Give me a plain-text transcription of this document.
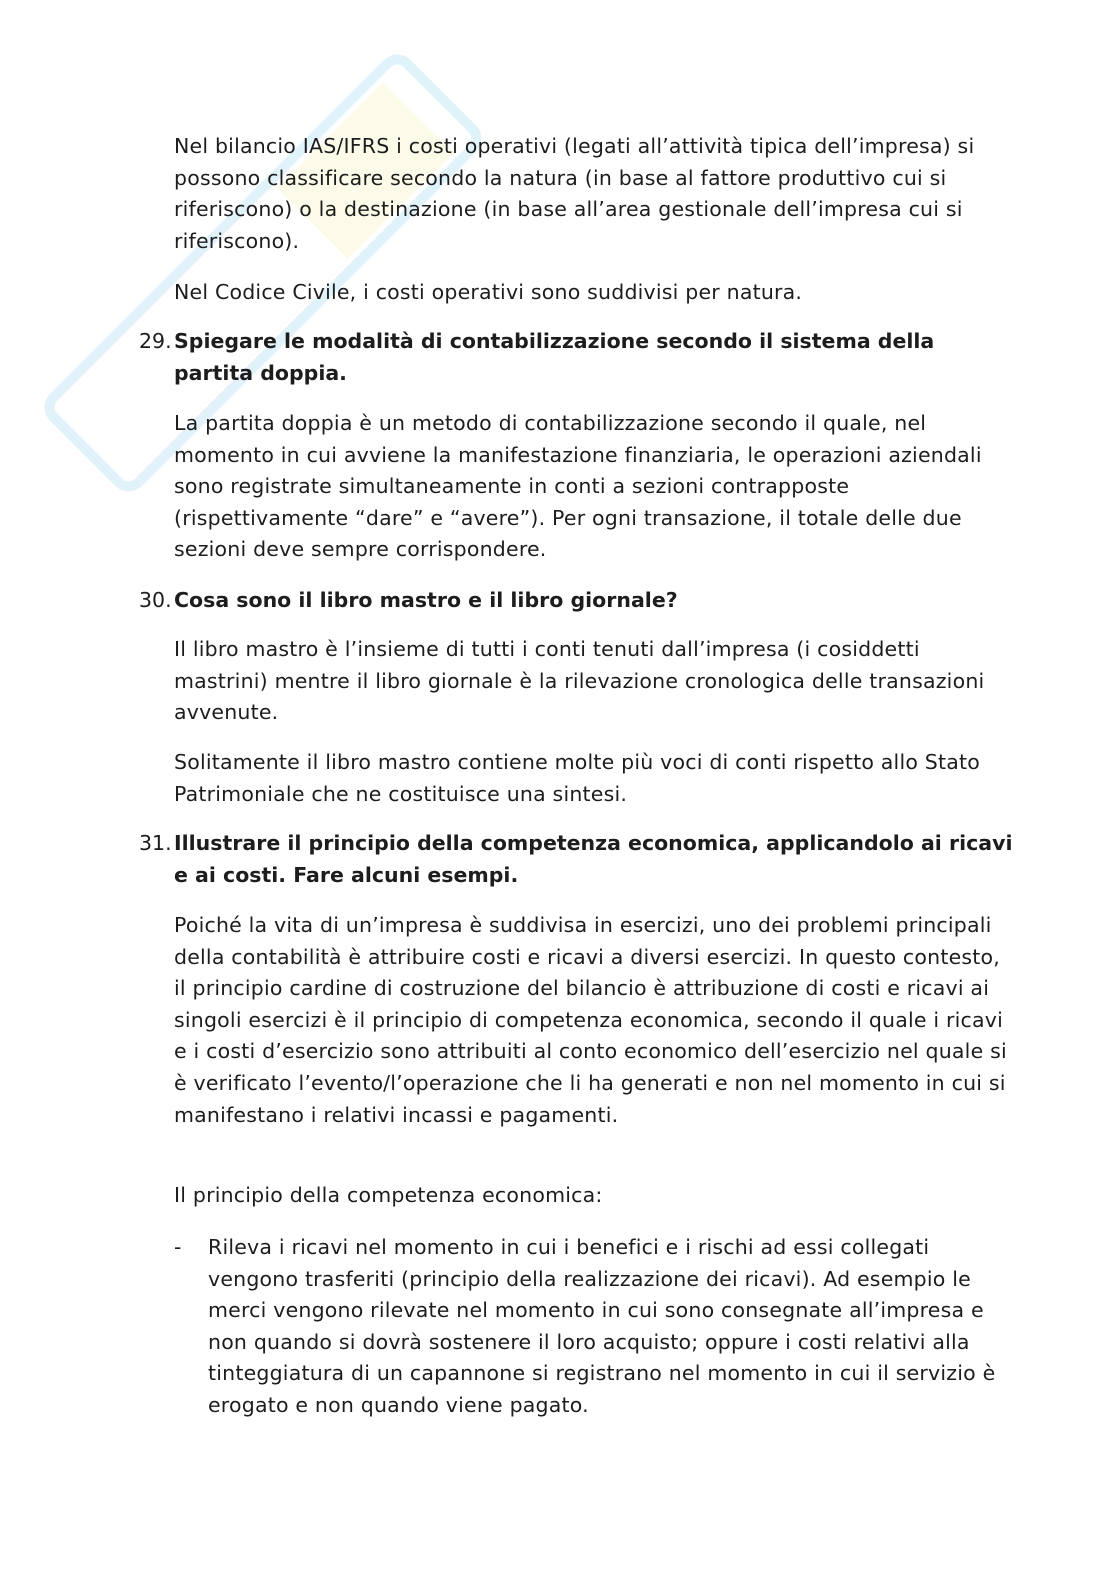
Nel bilancio IAS/IFRS i costi operativi (legati all’attività tipica dell’impresa) si possono classificare secondo la natura (in base al fattore produttivo cui si riferiscono) o la destinazione (in base all’area gestionale dell’impresa cui si riferiscono).

Nel Codice Civile, i costi operativi sono suddivisi per natura.

29. Spiegare le modalità di contabilizzazione secondo il sistema della partita doppia.

La partita doppia è un metodo di contabilizzazione secondo il quale, nel momento in cui avviene la manifestazione finanziaria, le operazioni aziendali sono registrate simultaneamente in conti a sezioni contrapposte (rispettivamente “dare” e “avere”). Per ogni transazione, il totale delle due sezioni deve sempre corrispondere.

30. Cosa sono il libro mastro e il libro giornale?

Il libro mastro è l’insieme di tutti i conti tenuti dall’impresa (i cosiddetti mastrini) mentre il libro giornale è la rilevazione cronologica delle transazioni avvenute.

Solitamente il libro mastro contiene molte più voci di conti rispetto allo Stato Patrimoniale che ne costituisce una sintesi.

31. Illustrare il principio della competenza economica, applicandolo ai ricavi e ai costi. Fare alcuni esempi.

Poiché la vita di un’impresa è suddivisa in esercizi, uno dei problemi principali della contabilità è attribuire costi e ricavi a diversi esercizi. In questo contesto, il principio cardine di costruzione del bilancio è attribuzione di costi e ricavi ai singoli esercizi è il principio di competenza economica, secondo il quale i ricavi e i costi d’esercizio sono attribuiti al conto economico dell’esercizio nel quale si è verificato l’evento/l’operazione che li ha generati e non nel momento in cui si manifestano i relativi incassi e pagamenti.

Il principio della competenza economica:

- Rileva i ricavi nel momento in cui i benefici e i rischi ad essi collegati vengono trasferiti (principio della realizzazione dei ricavi). Ad esempio le merci vengono rilevate nel momento in cui sono consegnate all’impresa e non quando si dovrà sostenere il loro acquisto; oppure i costi relativi alla tinteggiatura di un capannone si registrano nel momento in cui il servizio è erogato e non quando viene pagato.
